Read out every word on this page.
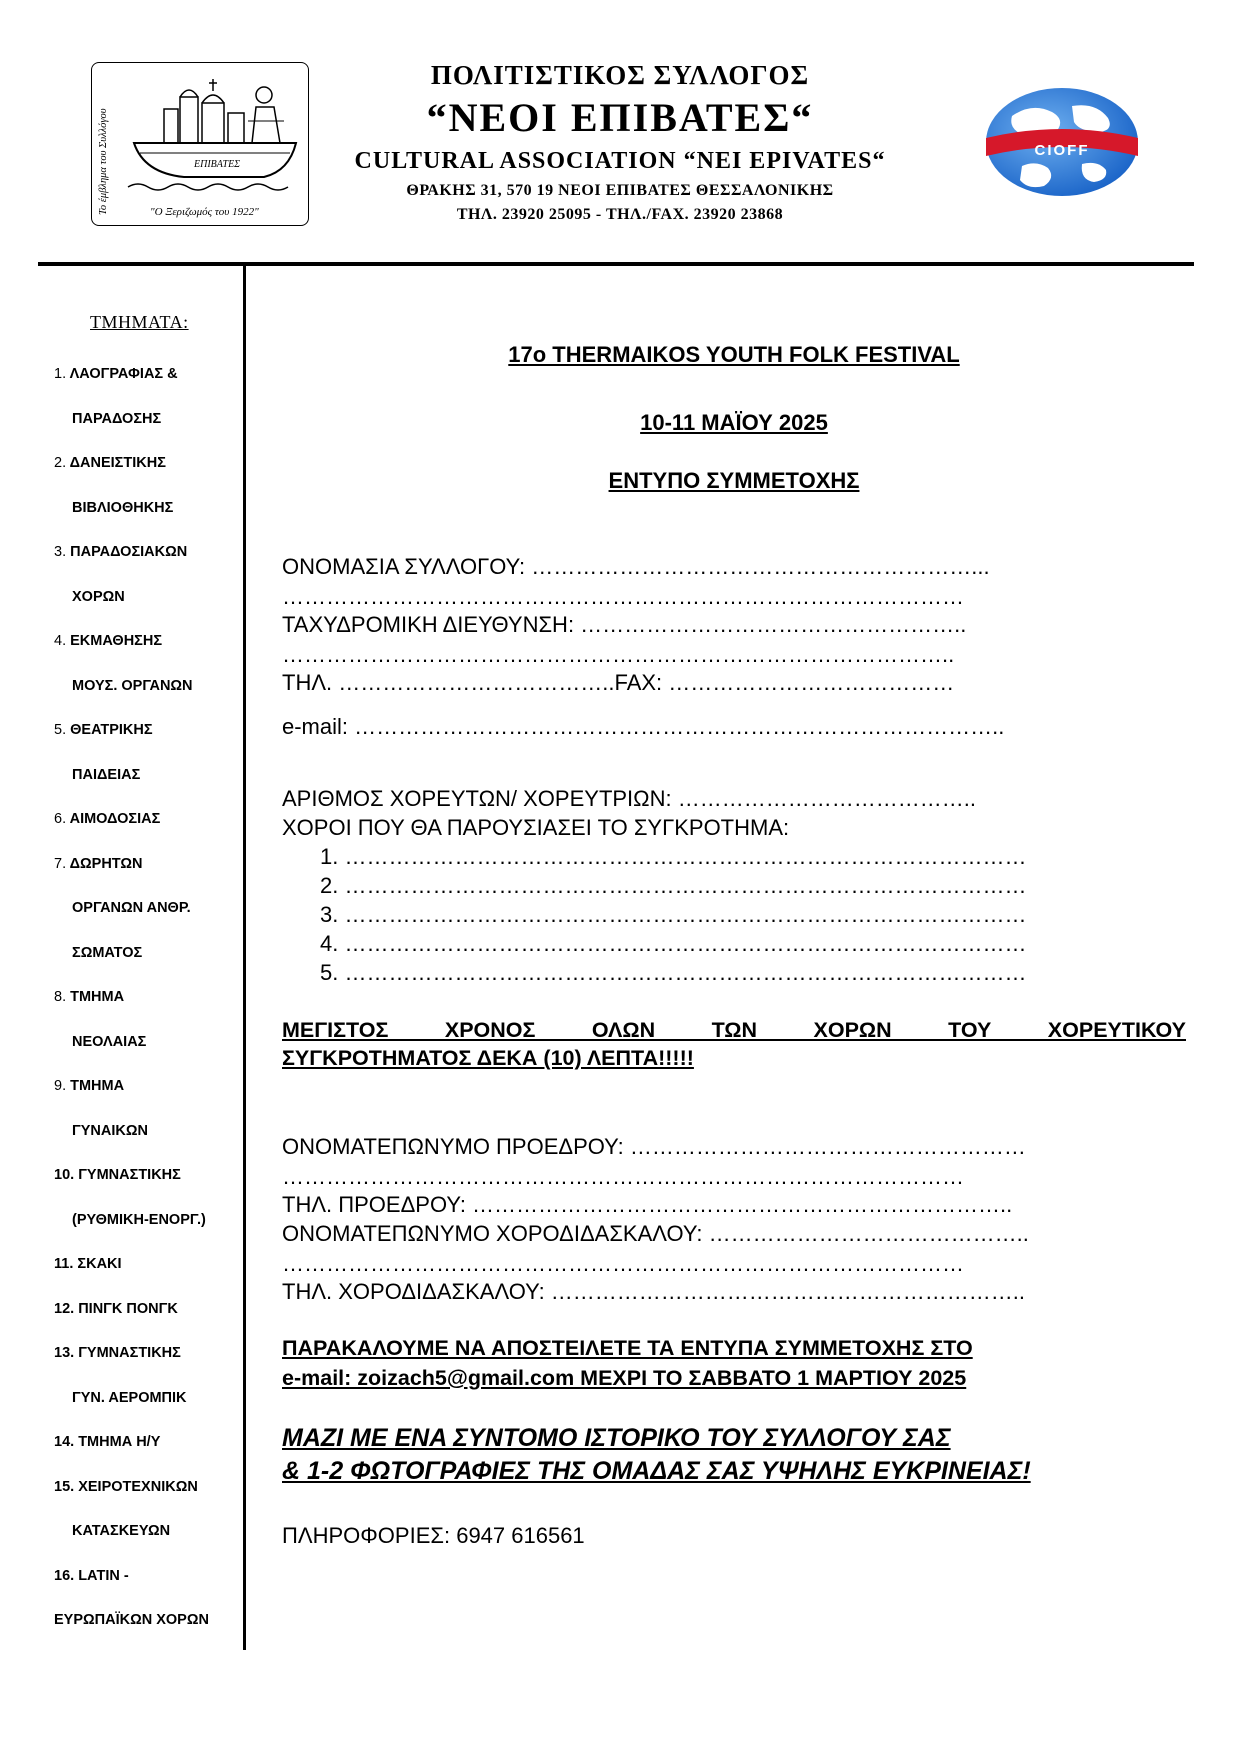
Το έμβλημα του Συλλόγου	ΕΠΙΒΑΤΕΣ
"Ο Ξεριζωμός του 1922"
ΠΟΛΙΤΙΣΤΙΚΟΣ ΣΥΛΛΟΓΟΣ
“ΝΕΟΙ ΕΠΙΒΑΤΕΣ“
CULTURAL ASSOCIATION “NEI EPIVATES“
ΘΡΑΚΗΣ 31, 570 19 ΝΕΟΙ ΕΠΙΒΑΤΕΣ ΘΕΣΣΑΛΟΝΙΚΗΣ
ΤΗΛ. 23920 25095 - ΤΗΛ./FAX. 23920 23868
CIOFF
ΤΜΗΜΑΤΑ:
1. ΛΑΟΓΡΑΦΙΑΣ &
ΠΑΡΑΔΟΣΗΣ
2. ΔΑΝΕΙΣΤΙΚΗΣ
ΒΙΒΛΙΟΘΗΚΗΣ
3. ΠΑΡΑΔΟΣΙΑΚΩΝ
ΧΟΡΩΝ
4. ΕΚΜΑΘΗΣΗΣ
ΜΟΥΣ. ΟΡΓΑΝΩΝ
5. ΘΕΑΤΡΙΚΗΣ
ΠΑΙΔΕΙΑΣ
6. ΑΙΜΟΔΟΣΙΑΣ
7. ΔΩΡΗΤΩΝ
ΟΡΓΑΝΩΝ ΑΝΘΡ.
ΣΩΜΑΤΟΣ
8. ΤΜΗΜΑ
ΝΕΟΛΑΙΑΣ
9. ΤΜΗΜΑ
ΓΥΝΑΙΚΩΝ
10. ΓΥΜΝΑΣΤΙΚΗΣ
(ΡΥΘΜΙΚΗ-ΕΝΟΡΓ.)
11. ΣΚΑΚΙ
12. ΠΙΝΓΚ ΠΟΝΓΚ
13. ΓΥΜΝΑΣΤΙΚΗΣ
ΓΥΝ. ΑΕΡΟΜΠΙΚ
14. ΤΜΗΜΑ Η/Υ
15. ΧΕΙΡΟΤΕΧΝΙΚΩΝ
ΚΑΤΑΣΚΕΥΩΝ
16. LATIN -
ΕΥΡΩΠΑΪΚΩΝ ΧΟΡΩΝ
17o THERMAIKOS YOUTH FOLK FESTIVAL
10-11 ΜΑΪΟΥ 2025
ΕΝΤΥΠΟ ΣΥΜΜΕΤΟΧΗΣ
ΟΝΟΜΑΣΙΑ ΣΥΛΛΟΓΟΥ: ……………………………………………………...
…………………………………………………………………………………
ΤΑΧΥΔΡΟΜΙΚΗ ΔΙΕΥΘΥΝΣΗ: ……………………………………………..
………………………………………………………………………………..
ΤΗΛ. ………………………………..FAX: …………………………………
e-mail: ……………………………………………………………………………..
ΑΡΙΘΜΟΣ ΧΟΡΕΥΤΩΝ/ ΧΟΡΕΥΤΡΙΩΝ: …………………………………..
ΧΟΡΟΙ ΠΟΥ ΘΑ ΠΑΡΟΥΣΙΑΣΕΙ ΤΟ ΣΥΓΚΡΟΤΗΜΑ:
1. …………………………………………………………………………………
2. …………………………………………………………………………………
3. …………………………………………………………………………………
4. …………………………………………………………………………………
5. …………………………………………………………………………………
ΜΕΓΙΣΤΟΣ ΧΡΟΝΟΣ ΟΛΩΝ ΤΩΝ ΧΟΡΩΝ ΤΟΥ ΧΟΡΕΥΤΙΚΟΥ
ΣΥΓΚΡΟΤΗΜΑΤΟΣ ΔΕΚΑ (10) ΛΕΠΤΑ!!!!!
ΟΝΟΜΑΤΕΠΩΝΥΜΟ ΠΡΟΕΔΡΟΥ: ………………………………………………
…………………………………………………………………………………
ΤΗΛ. ΠΡΟΕΔΡΟΥ: ………………………………………………………………..
ΟΝΟΜΑΤΕΠΩΝΥΜΟ ΧΟΡΟΔΙΔΑΣΚΑΛΟΥ: ……………………………………..
…………………………………………………………………………………
ΤΗΛ. ΧΟΡΟΔΙΔΑΣΚΑΛΟΥ: ………………………………………………………..
ΠΑΡΑΚΑΛΟΥΜΕ ΝΑ ΑΠΟΣΤΕΙΛΕΤΕ ΤΑ ΕΝΤΥΠΑ ΣΥΜΜΕΤΟΧΗΣ ΣΤΟ
e-mail: zoizach5@gmail.com ΜΕΧΡΙ ΤΟ ΣΑΒΒΑΤΟ 1 ΜΑΡΤΙΟΥ 2025
ΜΑΖΙ ΜΕ ΕΝΑ ΣΥΝΤΟΜΟ ΙΣΤΟΡΙΚΟ ΤΟΥ ΣΥΛΛΟΓΟΥ ΣΑΣ
& 1-2 ΦΩΤΟΓΡΑΦΙΕΣ ΤΗΣ ΟΜΑΔΑΣ ΣΑΣ ΥΨΗΛΗΣ ΕΥΚΡΙΝΕΙΑΣ!
ΠΛΗΡΟΦΟΡΙΕΣ: 6947 616561
